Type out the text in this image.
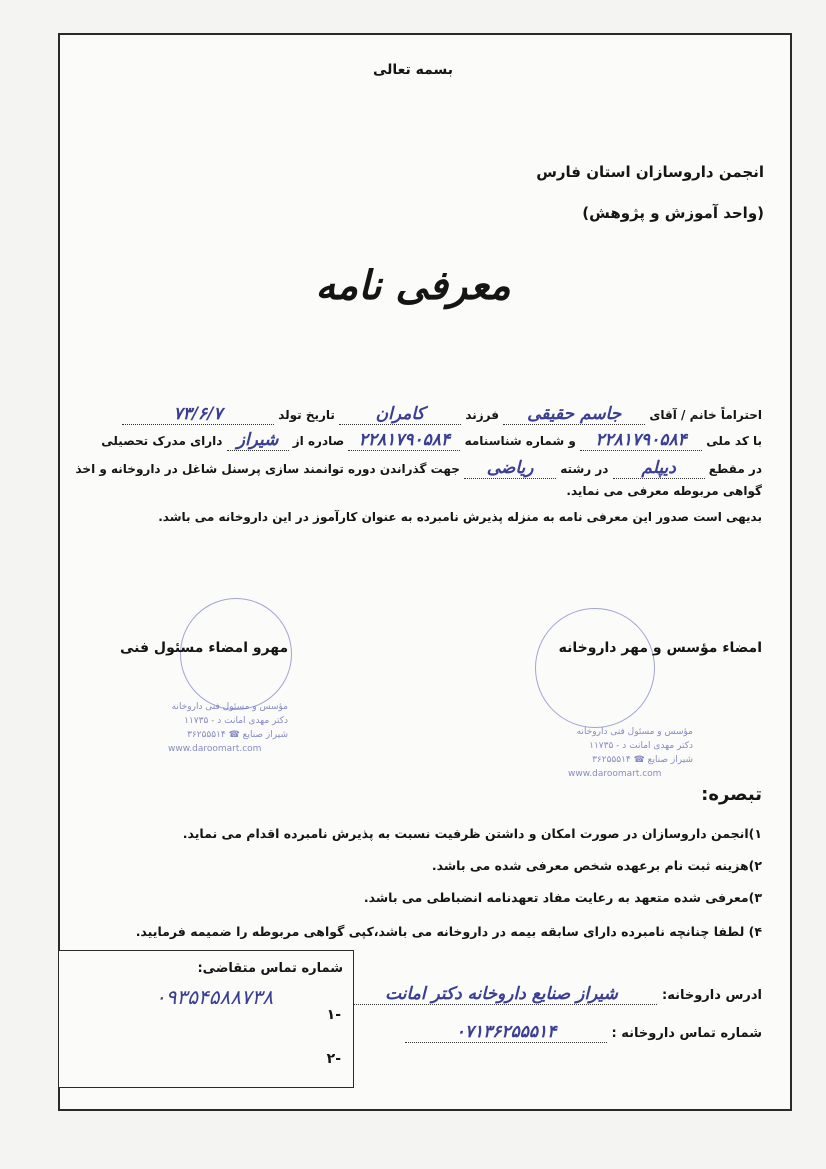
بسمه تعالی
انجمن داروسازان استان فارس
(واحد آموزش و پژوهش)
معرفی نامه
احتراماً خانم / آقای جاسم حقیقی فرزند کامران تاریخ تولد ۷۳/۶/۷
با کد ملی ۲۲۸۱۷۹۰۵۸۴ و شماره شناسنامه ۲۲۸۱۷۹۰۵۸۴ صادره از شیراز دارای مدرک تحصیلی
در مقطع دیپلم در رشته ریاضی جهت گذراندن دوره توانمند سازی پرسنل شاغل در داروخانه و اخذ
گواهی مربوطه معرفی می نماید.
بدیهی است صدور این معرفی نامه به منزله پذیرش نامبرده به عنوان کارآموز در این داروخانه می باشد.
مؤسس و مسئول فنی داروخانه
دکتر مهدی امانت د - ۱۱۷۳۵
شیراز صنایع ☎ ۳۶۲۵۵۵۱۴
www.daroomart.com
مؤسس و مسئول فنی داروخانه
دکتر مهدی امانت د - ۱۱۷۳۵
شیراز صنایع ☎ ۳۶۲۵۵۵۱۴
www.daroomart.com
مهرو امضاء مسئول فنی	امضاء مؤسس و مهر داروخانه
تبصره:
۱)انجمن داروسازان در صورت امکان و داشتن ظرفیت نسبت به پذیرش نامبرده اقدام می نماید.
۲)هزینه ثبت نام برعهده شخص معرفی شده می باشد.
۳)معرفی شده متعهد به رعایت مفاد تعهدنامه انضباطی می باشد.
۴) لطفا چنانچه نامبرده دارای سابقه بیمه در داروخانه می باشد،کپی گواهی مربوطه را ضمیمه فرمایید.
ادرس داروخانه: شیراز صنایع داروخانه دکتر امانت
شماره تماس داروخانه : ۰۷۱۳۶۲۵۵۵۱۴
شماره تماس متقاضی:
۰۹۳۵۴۵۸۸۷۳۸
-۱
-۲
